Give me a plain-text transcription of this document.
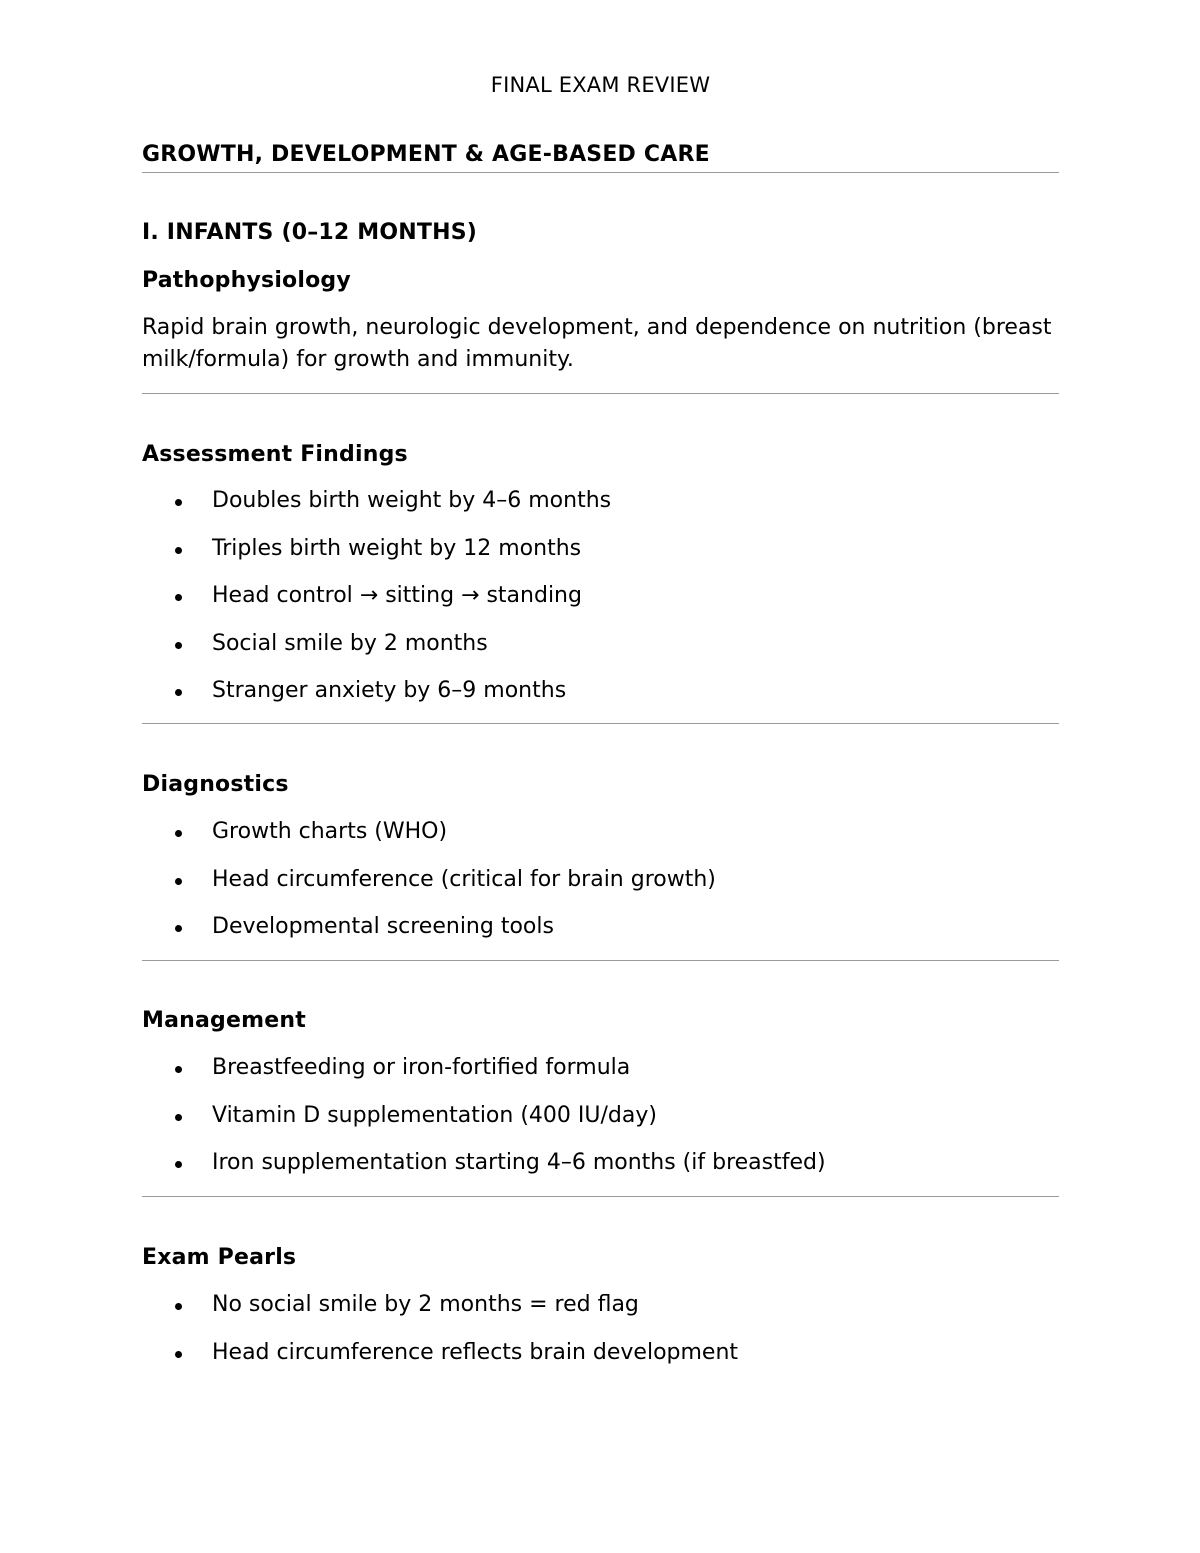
FINAL EXAM REVIEW
GROWTH, DEVELOPMENT & AGE-BASED CARE
I. INFANTS (0–12 MONTHS)
Pathophysiology

Rapid brain growth, neurologic development, and dependence on nutrition (breast milk/formula) for growth and immunity.

Assessment Findings
Doubles birth weight by 4–6 months
Triples birth weight by 12 months
Head control → sitting → standing
Social smile by 2 months
Stranger anxiety by 6–9 months
Diagnostics
Growth charts (WHO)
Head circumference (critical for brain growth)
Developmental screening tools
Management
Breastfeeding or iron-fortified formula
Vitamin D supplementation (400 IU/day)
Iron supplementation starting 4–6 months (if breastfed)
Exam Pearls
No social smile by 2 months = red flag
Head circumference reflects brain development
